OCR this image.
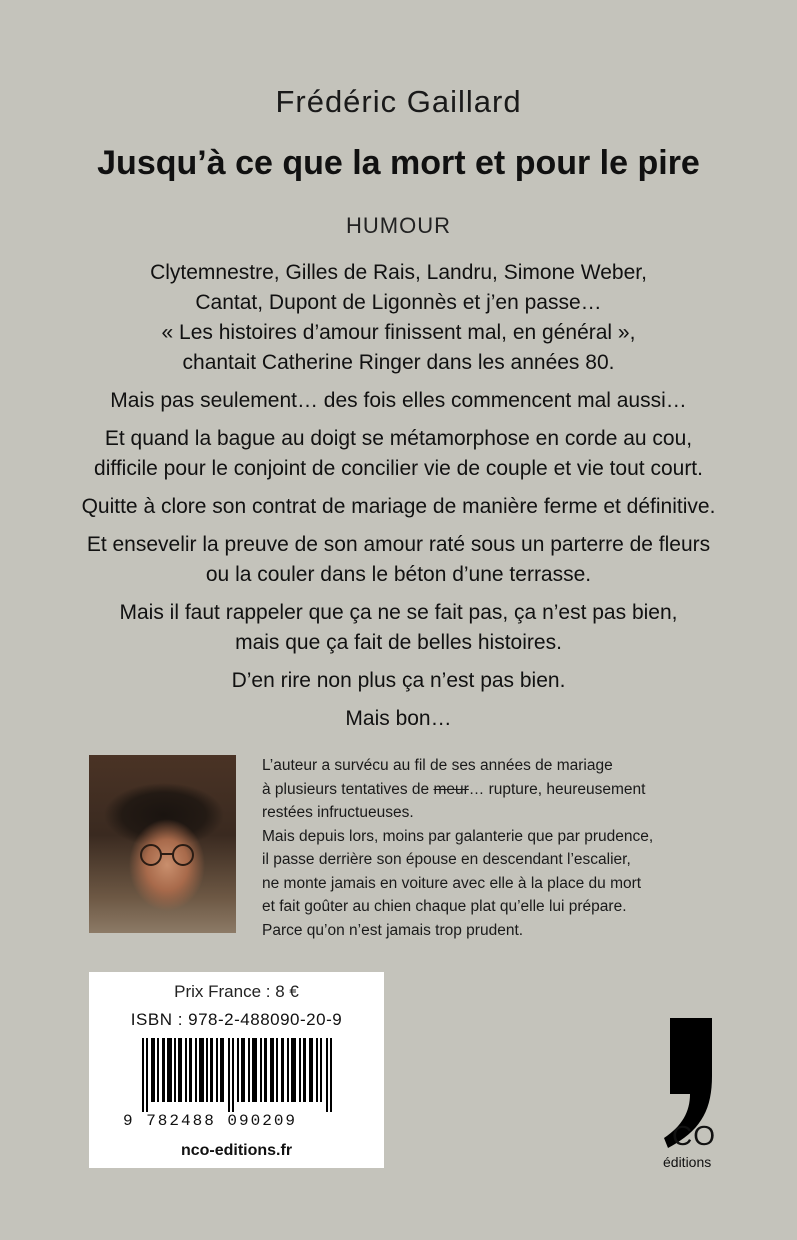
Frédéric Gaillard
Jusqu’à ce que la mort et pour le pire
HUMOUR

Clytemnestre, Gilles de Rais, Landru, Simone Weber,
Cantat, Dupont de Ligonnès et j’en passe…
« Les histoires d’amour finissent mal, en général »,
chantait Catherine Ringer dans les années 80.

Mais pas seulement… des fois elles commencent mal aussi…

Et quand la bague au doigt se métamorphose en corde au cou,
difficile pour le conjoint de concilier vie de couple et vie tout court.

Quitte à clore son contrat de mariage de manière ferme et définitive.

Et ensevelir la preuve de son amour raté sous un parterre de fleurs
ou la couler dans le béton d’une terrasse.

Mais il faut rappeler que ça ne se fait pas, ça n’est pas bien,
mais que ça fait de belles histoires.

D’en rire non plus ça n’est pas bien.

Mais bon…

L’auteur a survécu au fil de ses années de mariage
à plusieurs tentatives de meur… rupture, heureusement
restées infructueuses.
Mais depuis lors, moins par galanterie que par prudence,
il passe derrière son épouse en descendant l’escalier,
ne monte jamais en voiture avec elle à la place du mort
et fait goûter au chien chaque plat qu’elle lui prépare.
Parce qu’on n’est jamais trop prudent.
Prix France : 8 €
ISBN : 978-2-488090-20-9
9 782488 090209
nco-editions.fr	CO
éditions
